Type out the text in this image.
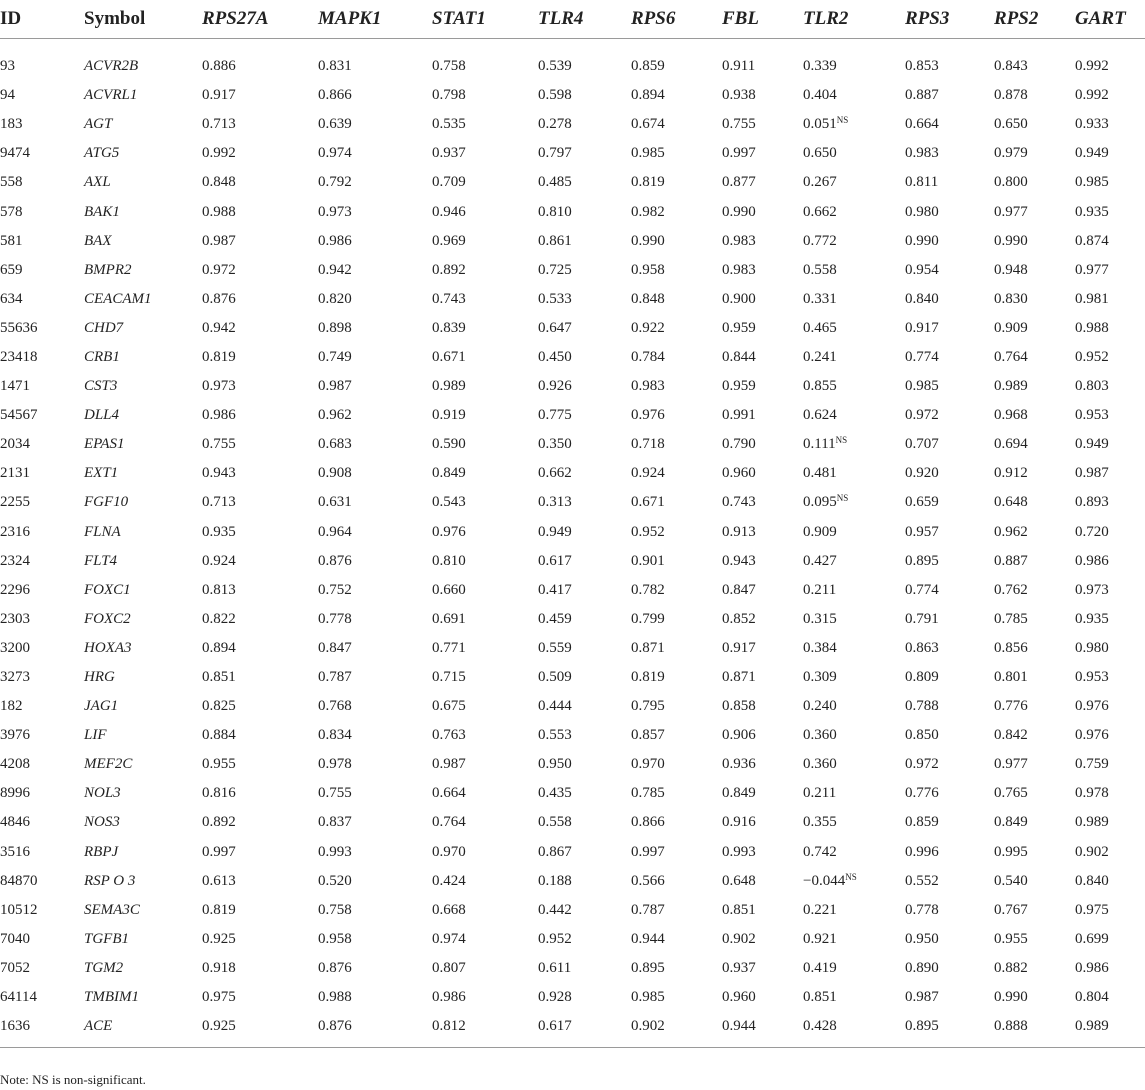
ID	Symbol	RPS27A	MAPK1	STAT1	TLR4	RPS6	FBL	TLR2	RPS3	RPS2	GART
93	ACVR2B	0.886	0.831	0.758	0.539	0.859	0.911	0.339	0.853	0.843	0.992
94	ACVRL1	0.917	0.866	0.798	0.598	0.894	0.938	0.404	0.887	0.878	0.992
183	AGT	0.713	0.639	0.535	0.278	0.674	0.755	$0.051^{NS}$	0.664	0.650	0.933
9474	ATG5	0.992	0.974	0.937	0.797	0.985	0.997	0.650	0.983	0.979	0.949
558	AXL	0.848	0.792	0.709	0.485	0.819	0.877	0.267	0.811	0.800	0.985
578	BAK1	0.988	0.973	0.946	0.810	0.982	0.990	0.662	0.980	0.977	0.935
581	BAX	0.987	0.986	0.969	0.861	0.990	0.983	0.772	0.990	0.990	0.874
659	BMPR2	0.972	0.942	0.892	0.725	0.958	0.983	0.558	0.954	0.948	0.977
634	CEACAM1	0.876	0.820	0.743	0.533	0.848	0.900	0.331	0.840	0.830	0.981
55636	CHD7	0.942	0.898	0.839	0.647	0.922	0.959	0.465	0.917	0.909	0.988
23418	CRB1	0.819	0.749	0.671	0.450	0.784	0.844	0.241	0.774	0.764	0.952
1471	CST3	0.973	0.987	0.989	0.926	0.983	0.959	0.855	0.985	0.989	0.803
54567	DLL4	0.986	0.962	0.919	0.775	0.976	0.991	0.624	0.972	0.968	0.953
2034	EPAS1	0.755	0.683	0.590	0.350	0.718	0.790	$0.111^{NS}$	0.707	0.694	0.949
2131	EXT1	0.943	0.908	0.849	0.662	0.924	0.960	0.481	0.920	0.912	0.987
2255	FGF10	0.713	0.631	0.543	0.313	0.671	0.743	$0.095^{NS}$	0.659	0.648	0.893
2316	FLNA	0.935	0.964	0.976	0.949	0.952	0.913	0.909	0.957	0.962	0.720
2324	FLT4	0.924	0.876	0.810	0.617	0.901	0.943	0.427	0.895	0.887	0.986
2296	FOXC1	0.813	0.752	0.660	0.417	0.782	0.847	0.211	0.774	0.762	0.973
2303	FOXC2	0.822	0.778	0.691	0.459	0.799	0.852	0.315	0.791	0.785	0.935
3200	HOXA3	0.894	0.847	0.771	0.559	0.871	0.917	0.384	0.863	0.856	0.980
3273	HRG	0.851	0.787	0.715	0.509	0.819	0.871	0.309	0.809	0.801	0.953
182	JAG1	0.825	0.768	0.675	0.444	0.795	0.858	0.240	0.788	0.776	0.976
3976	LIF	0.884	0.834	0.763	0.553	0.857	0.906	0.360	0.850	0.842	0.976
4208	MEF2C	0.955	0.978	0.987	0.950	0.970	0.936	0.360	0.972	0.977	0.759
8996	NOL3	0.816	0.755	0.664	0.435	0.785	0.849	0.211	0.776	0.765	0.978
4846	NOS3	0.892	0.837	0.764	0.558	0.866	0.916	0.355	0.859	0.849	0.989
3516	RBPJ	0.997	0.993	0.970	0.867	0.997	0.993	0.742	0.996	0.995	0.902
84870	RSP O 3	0.613	0.520	0.424	0.188	0.566	0.648	$-0.044^{NS}$	0.552	0.540	0.840
10512	SEMA3C	0.819	0.758	0.668	0.442	0.787	0.851	0.221	0.778	0.767	0.975
7040	TGFB1	0.925	0.958	0.974	0.952	0.944	0.902	0.921	0.950	0.955	0.699
7052	TGM2	0.918	0.876	0.807	0.611	0.895	0.937	0.419	0.890	0.882	0.986
64114	TMBIM1	0.975	0.988	0.986	0.928	0.985	0.960	0.851	0.987	0.990	0.804
1636	ACE	0.925	0.876	0.812	0.617	0.902	0.944	0.428	0.895	0.888	0.989
Note: NS is non-significant.
